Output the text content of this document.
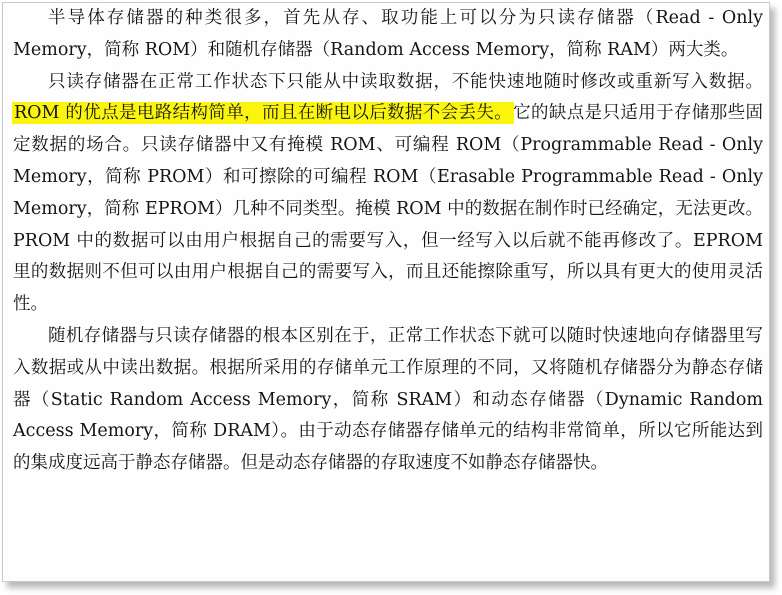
半导体存储器的种类很多，首先从存、取功能上可以分为只读存储器（Read - Only Memory，简称 ROM）和随机存储器（Random Access Memory，简称 RAM）两大类。

只读存储器在正常工作状态下只能从中读取数据，不能快速地随时修改或重新写入数据。ROM 的优点是电路结构简单，而且在断电以后数据不会丢失。它的缺点是只适用于存储那些固定数据的场合。只读存储器中又有掩模 ROM、可编程 ROM（Programmable Read - Only Memory，简称 PROM）和可擦除的可编程 ROM（Erasable Programmable Read - Only Memory，简称 EPROM）几种不同类型。掩模 ROM 中的数据在制作时已经确定，无法更改。PROM 中的数据可以由用户根据自己的需要写入，但一经写入以后就不能再修改了。EPROM 里的数据则不但可以由用户根据自己的需要写入，而且还能擦除重写，所以具有更大的使用灵活性。

随机存储器与只读存储器的根本区别在于，正常工作状态下就可以随时快速地向存储器里写入数据或从中读出数据。根据所采用的存储单元工作原理的不同，又将随机存储器分为静态存储器（Static Random Access Memory，简称 SRAM）和动态存储器（Dynamic Random Access Memory，简称 DRAM）。由于动态存储器存储单元的结构非常简单，所以它所能达到的集成度远高于静态存储器。但是动态存储器的存取速度不如静态存储器快。
